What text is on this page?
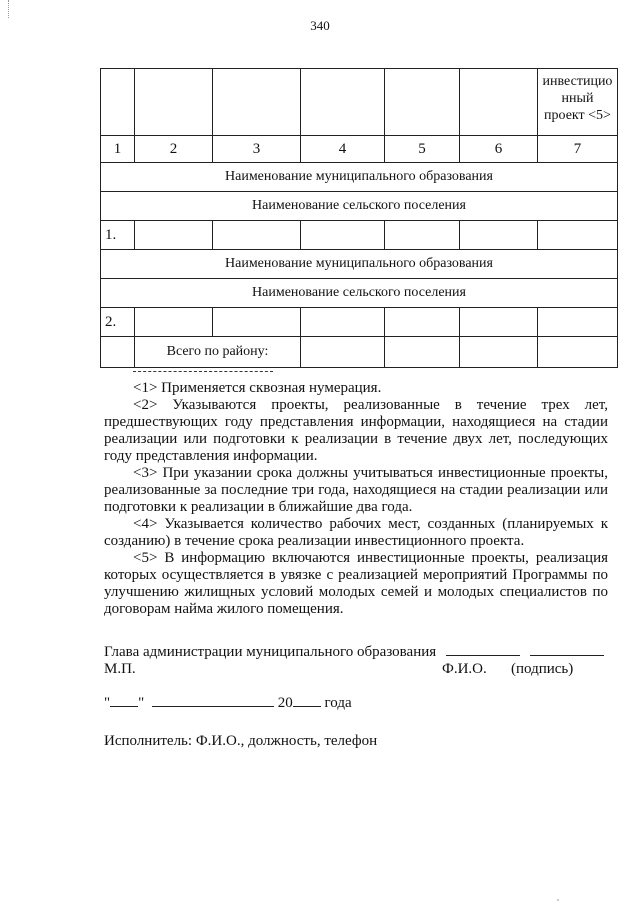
340
						инвестицио
нный
проект <5>
1	2	3	4	5	6	7
Наименование муниципального образования						
Наименование сельского поселения						
1.						
Наименование муниципального образования						
Наименование сельского поселения						
2.						
	Всего по району:					

<1> Применяется сквозная нумерация.

<2> Указываются проекты, реализованные в течение трех лет, предшествующих году представления информации, находящиеся на стадии реализации или подготовки к реализации в течение двух лет, последующих году представления информации.

<3> При указании срока должны учитываться инвестиционные проекты, реализованные за последние три года, находящиеся на стадии реализации или подготовки к реализации в ближайшие два года.

<4> Указывается количество рабочих мест, созданных (планируемых к созданию) в течение срока реализации инвестиционного проекта.

<5> В информацию включаются инвестиционные проекты, реализация которых осуществляется в увязке с реализацией мероприятий Программы по улучшению жилищных условий молодых семей и молодых специалистов по договорам найма жилого помещения.

Глава администрации муниципального образования
М.П.	Ф.И.О. (подпись)
" "	20 года
Исполнитель: Ф.И.О., должность, телефон
